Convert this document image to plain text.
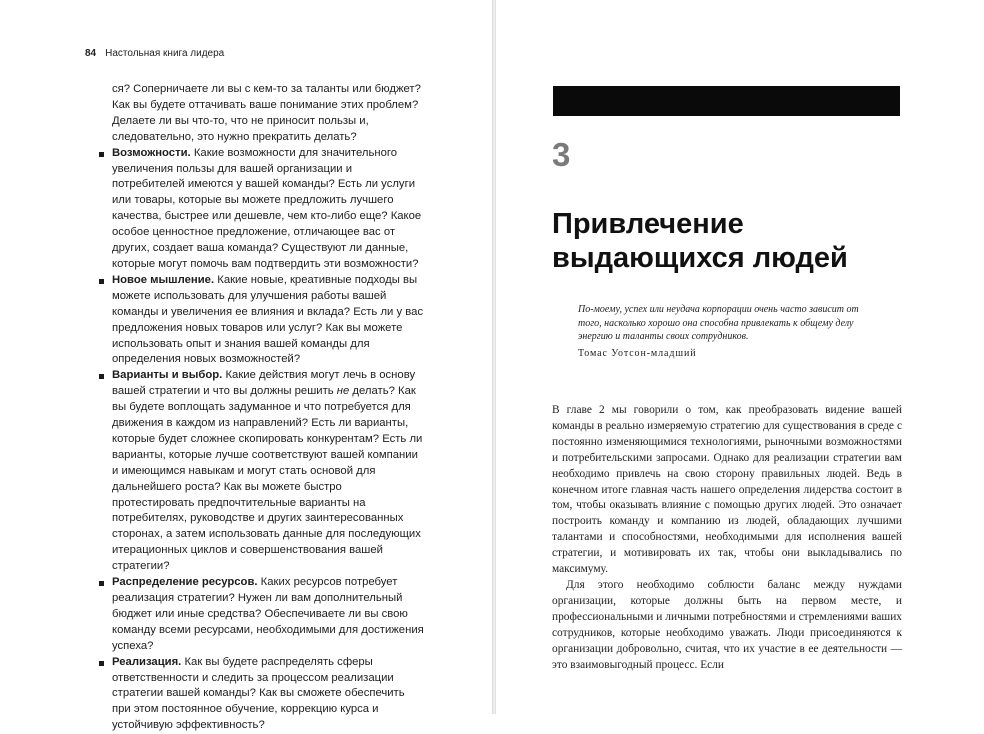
84 Настольная книга лидера

ся? Соперничаете ли вы с кем-то за таланты или бюджет? Как вы будете оттачивать ваше понимание этих проблем? Делаете ли вы что-то, что не приносит пользы и, следовательно, это нужно прекратить делать?

Возможности. Какие возможности для значительного увеличения пользы для вашей организации и потребителей имеются у вашей команды? Есть ли услуги или товары, которые вы можете предложить лучшего качества, быстрее или дешевле, чем кто-либо еще? Какое особое ценностное предложение, отличающее вас от других, создает ваша команда? Существуют ли данные, которые могут помочь вам подтвердить эти возможности?
Новое мышление. Какие новые, креативные подходы вы можете использовать для улучшения работы вашей команды и увеличения ее влияния и вклада? Есть ли у вас предложения новых товаров или услуг? Как вы можете использовать опыт и знания вашей команды для определения новых возможностей?
Варианты и выбор. Какие действия могут лечь в основу вашей стратегии и что вы должны решить не делать? Как вы будете воплощать задуманное и что потребуется для движения в каждом из направлений? Есть ли варианты, которые будет сложнее скопировать конкурентам? Есть ли варианты, которые лучше соответствуют вашей компании и имеющимся навыкам и могут стать основой для дальнейшего роста? Как вы можете быстро протестировать предпочтительные варианты на потребителях, руководстве и других заинтересованных сторонах, а затем использовать данные для последующих итерационных циклов и совершенствования вашей стратегии?
Распределение ресурсов. Каких ресурсов потребует реализация стратегии? Нужен ли вам дополнительный бюджет или иные средства? Обеспечиваете ли вы свою команду всеми ресурсами, необходимыми для достижения успеха?
Реализация. Как вы будете распределять сферы ответственности и следить за процессом реализации стратегии вашей команды? Как вы сможете обеспечить при этом постоянное обучение, коррекцию курса и устойчивую эффективность?
3
Привлечение
выдающихся людей
По-моему, успех или неудача корпорации очень часто зависит от того, насколько хорошо она способна привлекать к общему делу энергию и таланты своих сотрудников.
Томас Уотсон-младший

В главе 2 мы говорили о том, как преобразовать видение вашей команды в реально измеряемую стратегию для существования в среде с постоянно изменяющимися технологиями, рыночными возможностями и потребительскими запросами. Однако для реализации стратегии вам необходимо привлечь на свою сторону правильных людей. Ведь в конечном итоге главная часть нашего определения лидерства состоит в том, чтобы оказывать влияние с помощью других людей. Это означает построить команду и компанию из людей, обладающих лучшими талантами и способностями, необходимыми для исполнения вашей стратегии, и мотивировать их так, чтобы они выкладывались по максимуму.

Для этого необходимо соблюсти баланс между нуждами организации, которые должны быть на первом месте, и профессиональными и личными потребностями и стремлениями ваших сотрудников, которые необходимо уважать. Люди присоединяются к организации добровольно, считая, что их участие в ее деятельности — это взаимовыгодный процесс. Если
